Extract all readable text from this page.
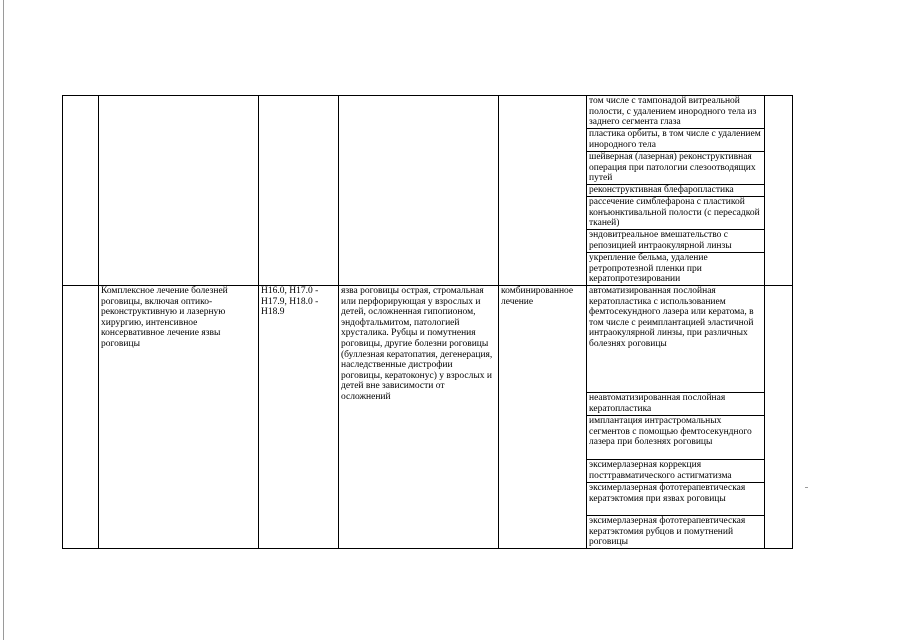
					том числе с тампонадой витреальной полости, с удалением инородного тела из заднего сегмента глаза	
					пластика орбиты, в том числе с удалением инородного тела	
					шейверная (лазерная) реконструктивная операция при патологии слезоотводящих путей	
					реконструктивная блефаропластика	
					рассечение симблефарона с пластикой конъюнктивальной полости (с пересадкой тканей)	
					эндовитреальное вмешательство с репозицией интраокулярной линзы	
					укрепление бельма, удаление ретропротезной пленки при кератопротезировании	
	Комплексное лечение болезней роговицы, включая оптико-реконструктивную и лазерную хирургию, интенсивное консервативное лечение язвы роговицы	H16.0, H17.0 - H17.9, H18.0 - H18.9	язва роговицы острая, стромальная или перфорирующая у взрослых и детей, осложненная гипопионом, эндофтальмитом, патологией хрусталика. Рубцы и помутнения роговицы, другие болезни роговицы (буллезная кератопатия, дегенерация, наследственные дистрофии роговицы, кератоконус) у взрослых и детей вне зависимости от осложнений	комбинированное лечение	автоматизированная послойная кератопластика с использованием фемтосекундного лазера или кератома, в том числе с реимплантацией эластичной интраокулярной линзы, при различных болезнях роговицы	
					неавтоматизированная послойная кератопластика	
					имплантация интрастромальных сегментов с помощью фемтосекундного лазера при болезнях роговицы	
					эксимерлазерная коррекция посттравматического астигматизма	
					эксимерлазерная фототерапевтическая кератэктомия при язвах роговицы	
					эксимерлазерная фототерапевтическая кератэктомия рубцов и помутнений роговицы	
